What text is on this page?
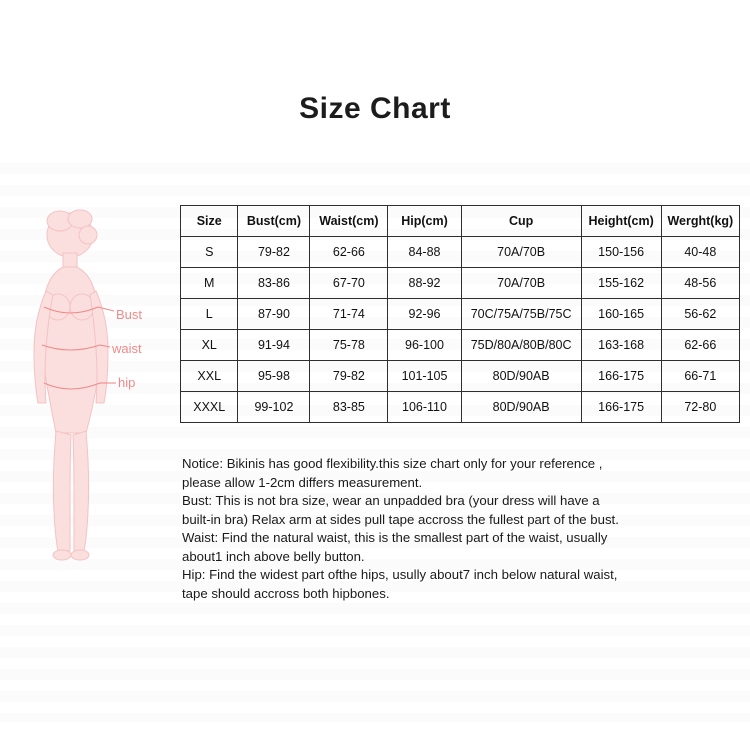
Size Chart
Bust
waist
hip
Size	Bust(cm)	Waist(cm)	Hip(cm)	Cup	Height(cm)	Werght(kg)
S	79-82	62-66	84-88	70A/70B	150-156	40-48
M	83-86	67-70	88-92	70A/70B	155-162	48-56
L	87-90	71-74	92-96	70C/75A/75B/75C	160-165	56-62
XL	91-94	75-78	96-100	75D/80A/80B/80C	163-168	62-66
XXL	95-98	79-82	101-105	80D/90AB	166-175	66-71
XXXL	99-102	83-85	106-110	80D/90AB	166-175	72-80

Notice: Bikinis has good flexibility.this size chart only for your reference ,

please allow 1-2cm differs measurement.

Bust: This is not bra size, wear an unpadded bra (your dress will have a

built-in bra) Relax arm at sides pull tape accross the fullest part of the bust.

Waist: Find the natural waist, this is the smallest part of the waist, usually

about1 inch above belly button.

Hip: Find the widest part ofthe hips, usully about7 inch below natural waist,

tape should accross both hipbones.
